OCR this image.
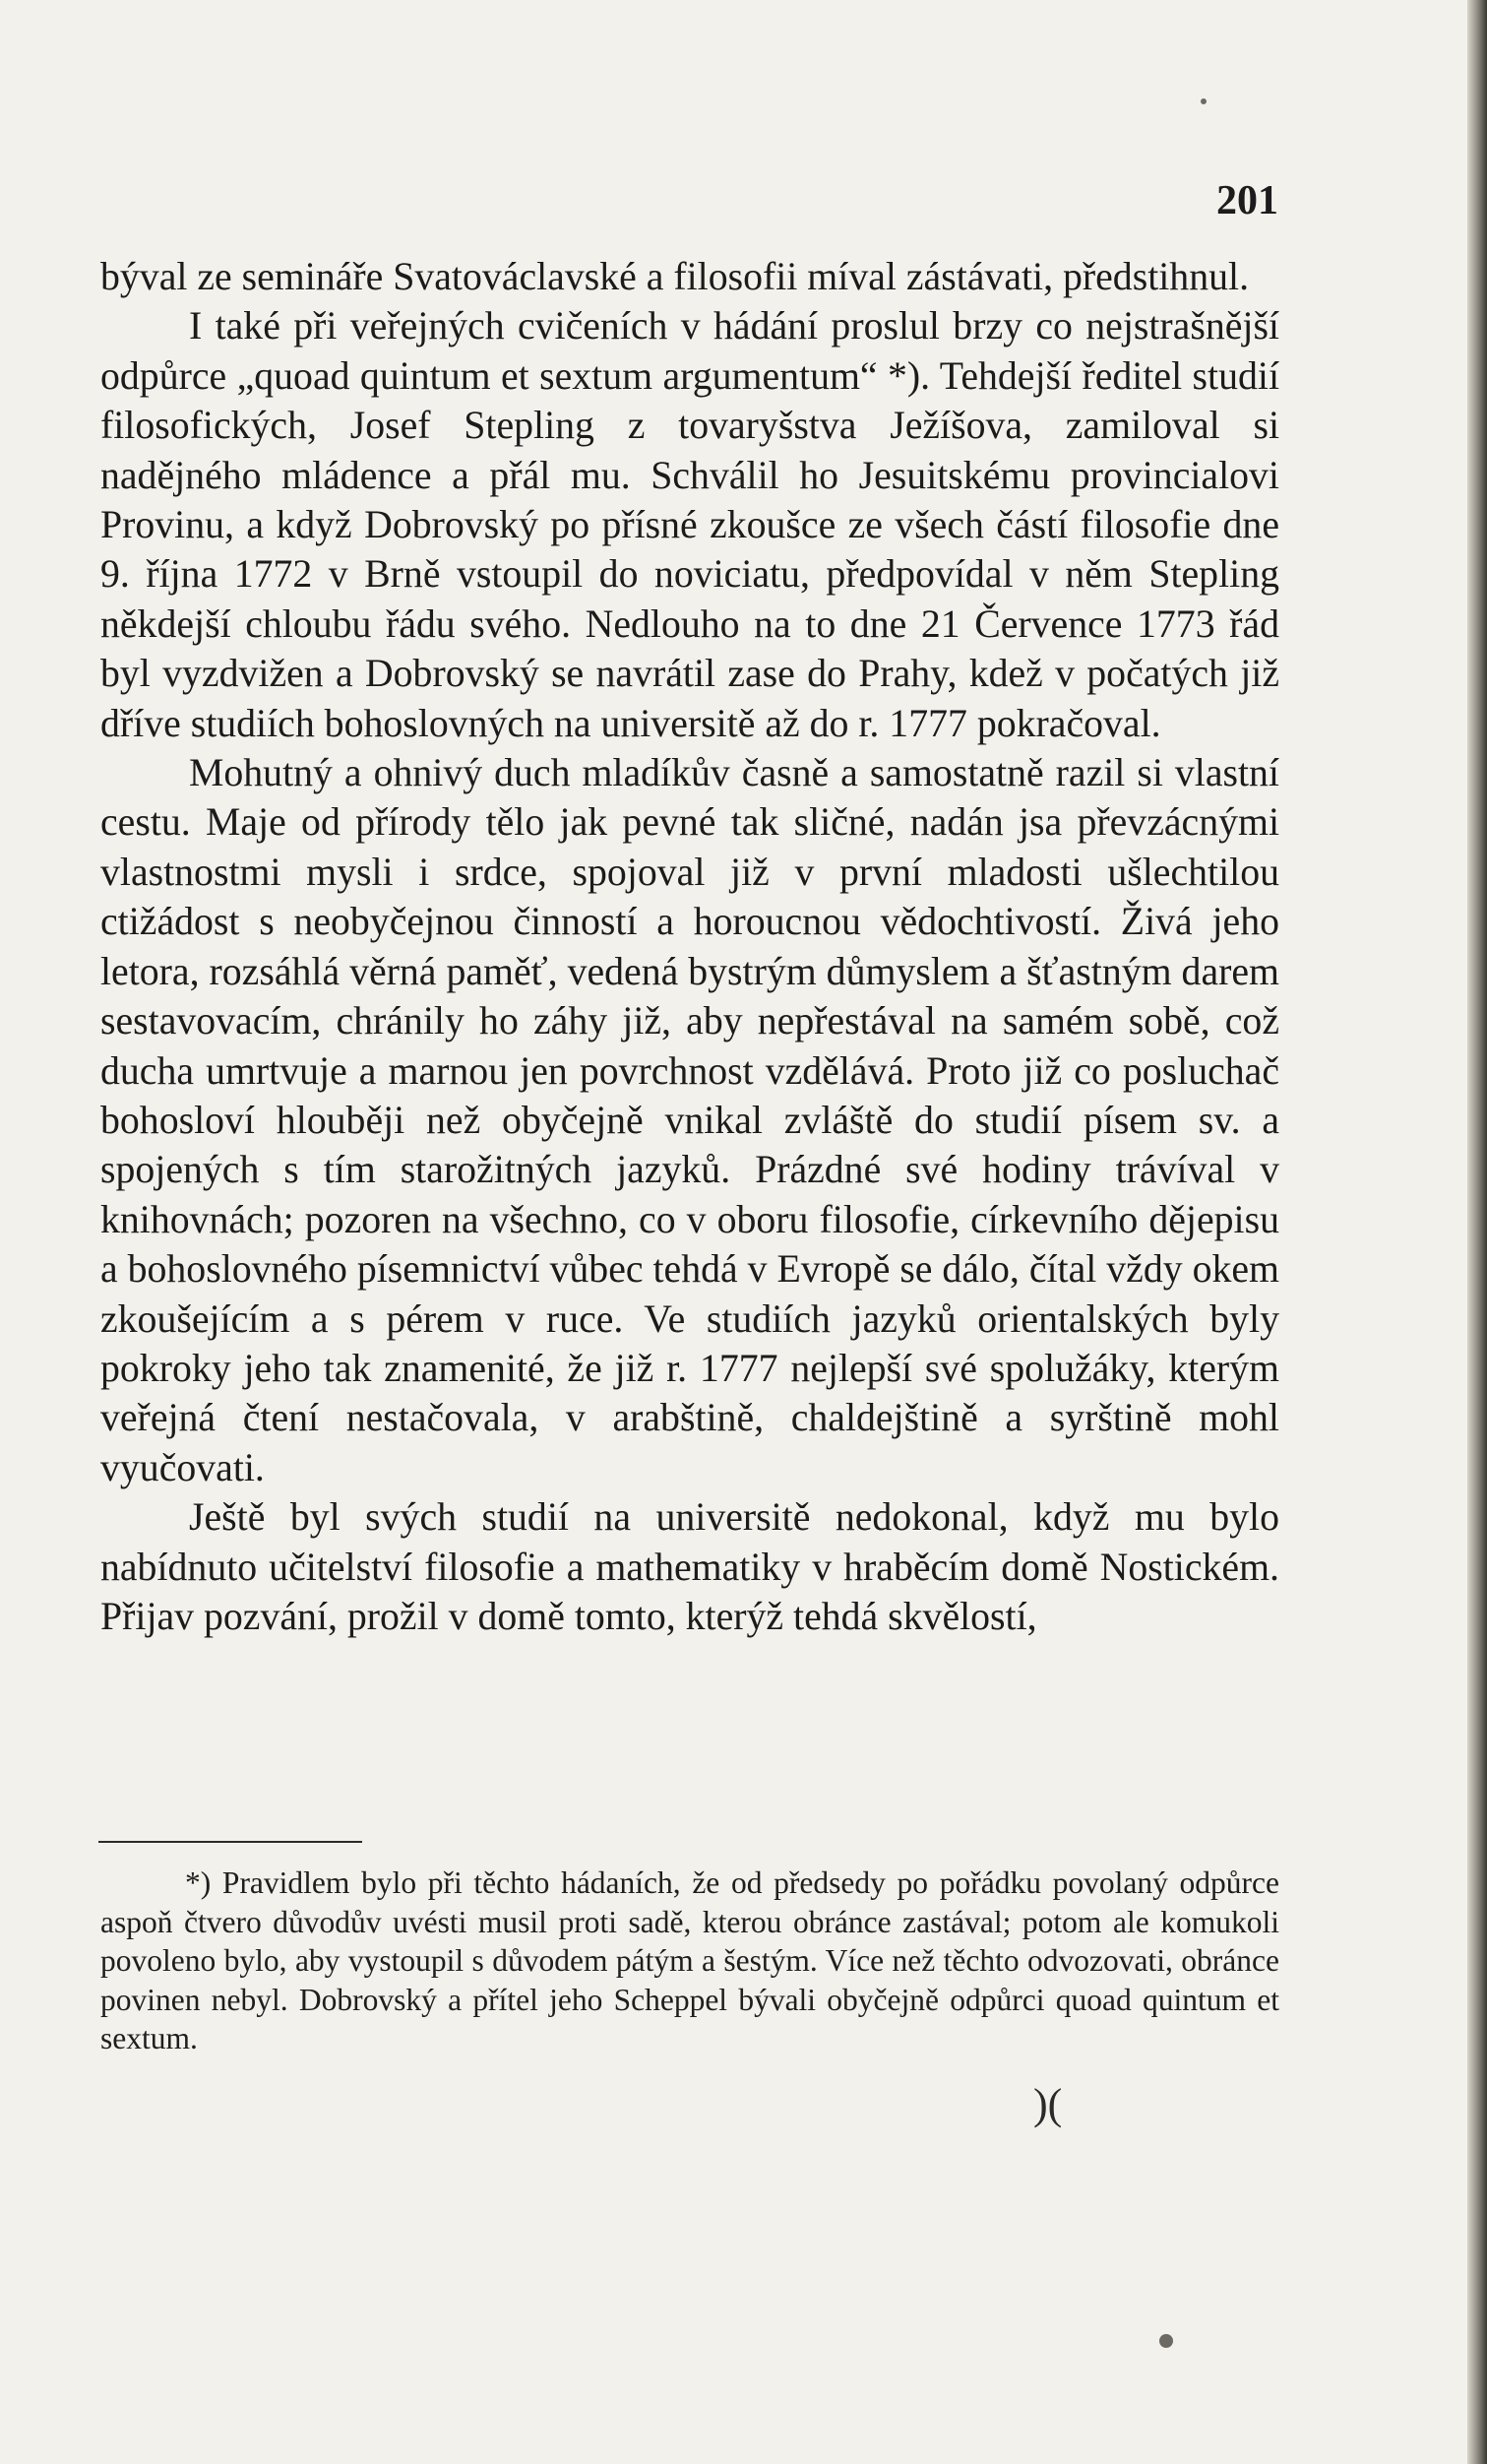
201

býval ze semináře Svatováclavské a filosofii míval zástávati, předstihnul.

I také při veřejných cvičeních v hádání proslul brzy co nejstrašnější odpůrce „quoad quintum et sextum argumentum“ *). Tehdejší ředitel studií filosofických, Josef Stepling z tovaryšstva Ježíšova, zamiloval si nadějného mládence a přál mu. Schválil ho Jesuitskému provincialovi Provinu, a když Dobrovský po přísné zkoušce ze všech částí filosofie dne 9. října 1772 v Brně vstoupil do noviciatu, předpovídal v něm Stepling někdejší chloubu řádu svého. Nedlouho na to dne 21 Července 1773 řád byl vyzdvižen a Dobrovský se navrátil zase do Prahy, kdež v počatých již dříve studiích bohoslovných na universitě až do r. 1777 pokračoval.

Mohutný a ohnivý duch mladíkův časně a samostatně razil si vlastní cestu. Maje od přírody tělo jak pevné tak sličné, nadán jsa převzácnými vlastnostmi mysli i srdce, spojoval již v první mladosti ušlechtilou ctižádost s neobyčejnou činností a horoucnou vědochtivostí. Živá jeho letora, rozsáhlá věrná paměť, vedená bystrým důmyslem a šťastným darem sestavovacím, chránily ho záhy již, aby nepřestával na samém sobě, což ducha umrtvuje a marnou jen povrchnost vzdělává. Proto již co posluchač bohosloví hlouběji než obyčejně vnikal zvláště do studií písem sv. a spojených s tím starožitných jazyků. Prázdné své hodiny trávíval v knihovnách; pozoren na všechno, co v oboru filosofie, církevního dějepisu a bohoslovného písemnictví vůbec tehdá v Evropě se dálo, čítal vždy okem zkoušejícím a s pérem v ruce. Ve studiích jazyků orientalských byly pokroky jeho tak znamenité, že již r. 1777 nejlepší své spolužáky, kterým veřejná čtení nestačovala, v arabštině, chaldejštině a syrštině mohl vyučovati.

Ještě byl svých studií na universitě nedokonal, když mu bylo nabídnuto učitelství filosofie a mathematiky v hraběcím domě Nostickém. Přijav pozvání, prožil v domě tomto, kterýž tehdá skvělostí,

*) Pravidlem bylo při těchto hádaních, že od předsedy po pořádku povolaný odpůrce aspoň čtvero důvodův uvésti musil proti sadě, kterou obránce zastával; potom ale komukoli povoleno bylo, aby vystoupil s důvodem pátým a šestým. Více než těchto odvozovati, obránce povinen nebyl. Dobrovský a přítel jeho Scheppel bývali obyčejně odpůrci quoad quintum et sextum.

)(
